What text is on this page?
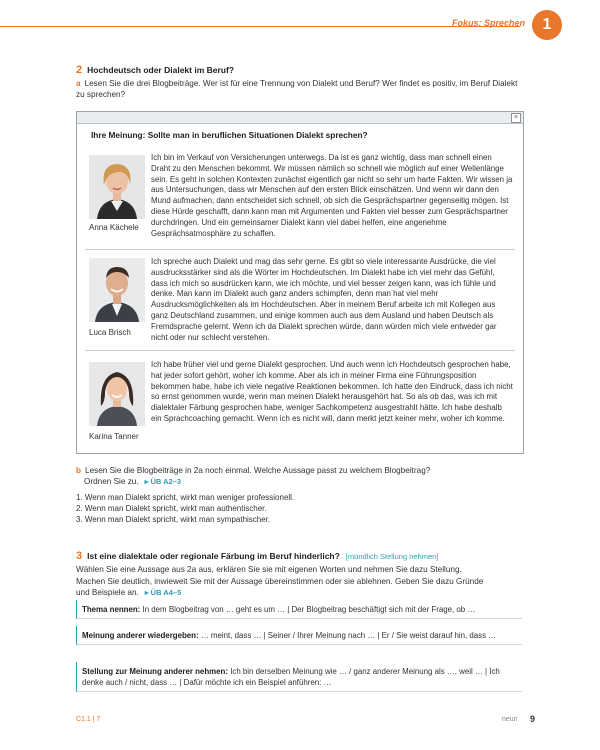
Fokus: Sprechen	1
2 Hochdeutsch oder Dialekt im Beruf?
a Lesen Sie die drei Blogbeiträge. Wer ist für eine Trennung von Dialekt und Beruf? Wer findet es positiv, im Beruf Dialekt zu sprechen?
×
Ihre Meinung: Sollte man in beruflichen Situationen Dialekt sprechen?
Anna Kächele
Ich bin im Verkauf von Versicherungen unterwegs. Da ist es ganz wichtig, dass man schnell einen Draht zu den Menschen bekommt. Wir müssen nämlich so schnell wie möglich auf einer Wellenlänge sein. Es geht in solchen Kontexten zunächst eigentlich gar nicht so sehr um harte Fakten. Wir wissen ja aus Untersuchungen, dass wir Menschen auf den ersten Blick einschätzen. Und wenn wir dann den Mund aufmachen, dann entscheidet sich schnell, ob sich die Gesprächspartner gegenseitig mögen. Ist diese Hürde geschafft, dann kann man mit Argumenten und Fakten viel besser zum Gesprächspartner durchdringen. Und ein gemeinsamer Dialekt kann viel dabei helfen, eine angenehme Gesprächsatmosphäre zu schaffen.
Luca Brisch
Ich spreche auch Dialekt und mag das sehr gerne. Es gibt so viele interessante Ausdrücke, die viel ausdrucksstärker sind als die Wörter im Hochdeutschen. Im Dialekt habe ich viel mehr das Gefühl, dass ich mich so ausdrücken kann, wie ich möchte, und viel besser zeigen kann, was ich fühle und denke. Man kann im Dialekt auch ganz anders schimpfen, denn man hat viel mehr Ausdrucksmöglichkeiten als im Hochdeutschen. Aber in meinem Beruf arbeite ich mit Kollegen aus ganz Deutschland zusammen, und einige kommen auch aus dem Ausland und haben Deutsch als Fremdsprache gelernt. Wenn ich da Dialekt sprechen würde, dann würden mich viele entweder gar nicht oder nur schlecht verstehen.
Karina Tanner
Ich habe früher viel und gerne Dialekt gesprochen. Und auch wenn ich Hochdeutsch gesprochen habe, hat jeder sofort gehört, woher ich komme. Aber als ich in meiner Firma eine Führungsposition bekommen habe, habe ich viele negative Reaktionen bekommen. Ich hatte den Eindruck, dass ich nicht so ernst genommen wurde, wenn man meinen Dialekt herausgehört hat. So als ob das, was ich mit dialektaler Färbung gesprochen habe, weniger Sachkompetenz ausgestrahlt hätte. Ich habe deshalb ein Sprachcoaching gemacht. Wenn ich es nicht will, dann merkt jetzt keiner mehr, woher ich komme.
b Lesen Sie die Blogbeiträge in 2a noch einmal. Welche Aussage passt zu welchem Blogbeitrag?
Ordnen Sie zu. ▸ ÜB A2–3
1. Wenn man Dialekt spricht, wirkt man weniger professionell.
2. Wenn man Dialekt spricht, wirkt man authentischer.
3. Wenn man Dialekt spricht, wirkt man sympathischer.
3 Ist eine dialektale oder regionale Färbung im Beruf hinderlich? [mündlich Stellung nehmen]
Wählen Sie eine Aussage aus 2a aus, erklären Sie sie mit eigenen Worten und nehmen Sie dazu Stellung.
Machen Sie deutlich, inwieweit Sie mit der Aussage übereinstimmen oder sie ablehnen. Geben Sie dazu Gründe
und Beispiele an. ▸ ÜB A4–5
Thema nennen: In dem Blogbeitrag von … geht es um … | Der Blogbeitrag beschäftigt sich mit der Frage, ob …
Meinung anderer wiedergeben: … meint, dass … | Seiner / Ihrer Meinung nach … | Er / Sie weist darauf hin, dass …
Stellung zur Meinung anderer nehmen: Ich bin derselben Meinung wie … / ganz anderer Meinung als …, weil … | Ich denke auch / nicht, dass … | Dafür möchte ich ein Beispiel anführen: …
C1.1 | 7	neun 9
